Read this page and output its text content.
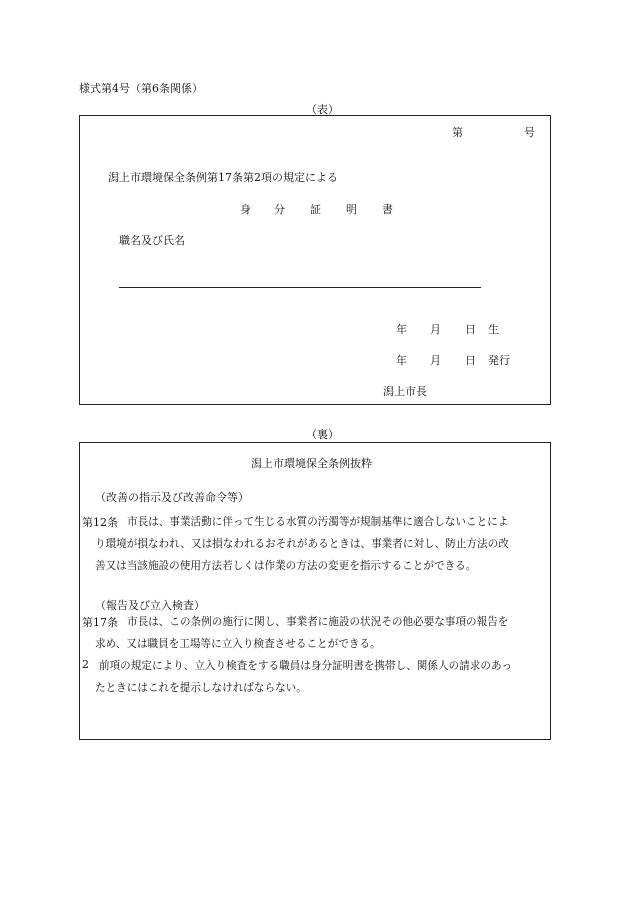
様式第4号（第6条関係）
（表）
第	号
潟上市環境保全条例第17条第2項の規定による
身 分 証 明 書
職名及び氏名
年 月 日 生
年 月 日 発行
潟上市長
（裏）
潟上市環境保全条例抜粋
（改善の指示及び改善命令等）
第12条 市長は、事業活動に伴って生じる水質の汚濁等が規制基準に適合しないことによ
り環境が損なわれ、又は損なわれるおそれがあるときは、事業者に対し、防止方法の改
善又は当該施設の使用方法若しくは作業の方法の変更を指示することができる。
（報告及び立入検査）
第17条 市長は、この条例の施行に関し、事業者に施設の状況その他必要な事項の報告を
求め、又は職員を工場等に立入り検査させることができる。
2 前項の規定により、立入り検査をする職員は身分証明書を携帯し、関係人の請求のあっ
たときにはこれを提示しなければならない。
